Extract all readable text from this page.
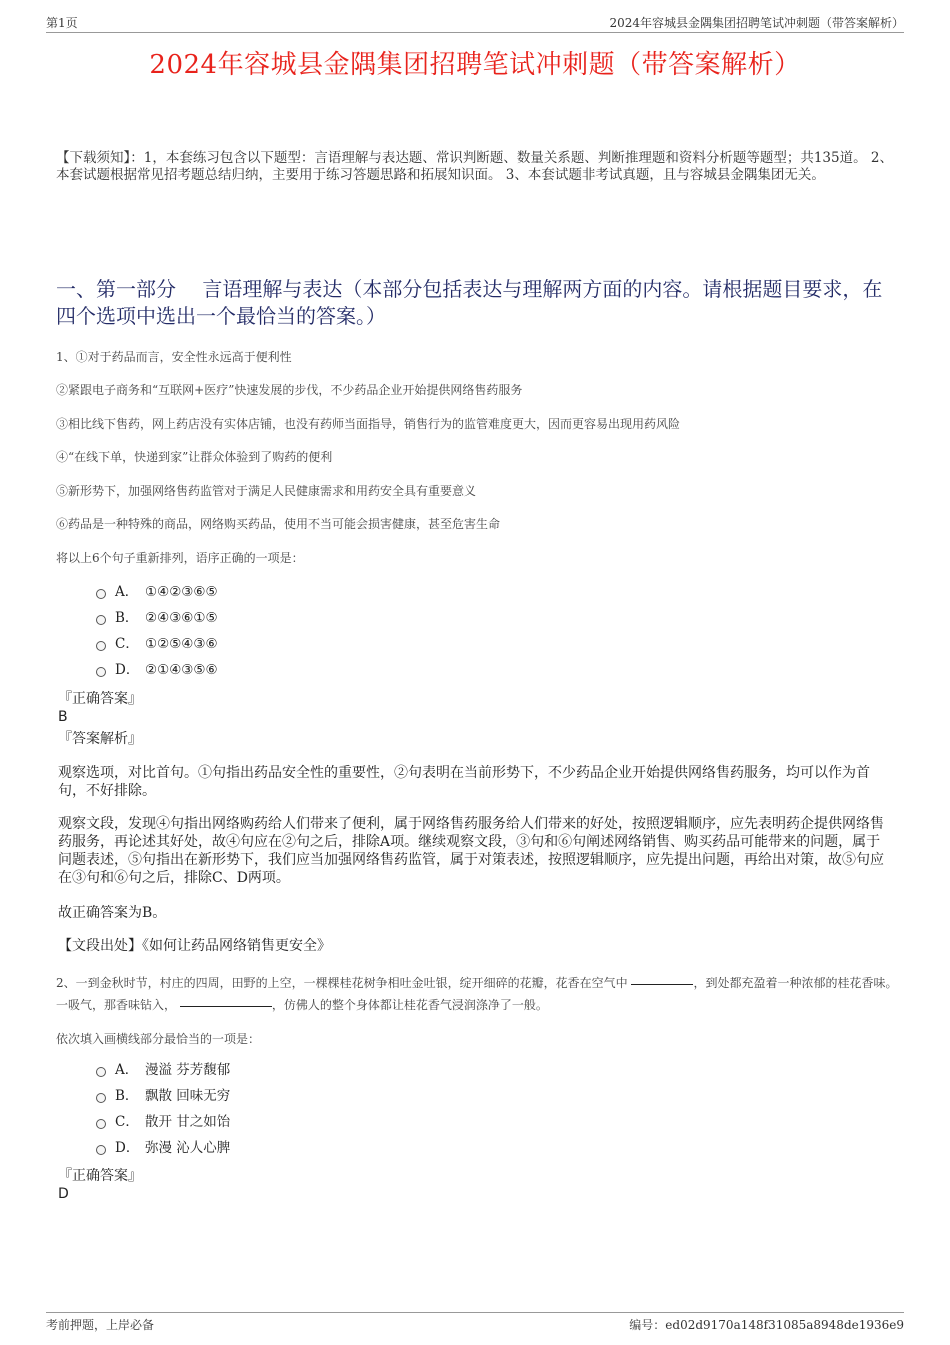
第1页	2024年容城县金隅集团招聘笔试冲刺题（带答案解析）
2024年容城县金隅集团招聘笔试冲刺题（带答案解析）
【下载须知】：1，本套练习包含以下题型：言语理解与表达题、常识判断题、数量关系题、判断推理题和资料分析题等题型；共135道。 2、本套试题根据常见招考题总结归纳，主要用于练习答题思路和拓展知识面。 3、本套试题非考试真题，且与容城县金隅集团无关。
一、第一部分　 言语理解与表达（本部分包括表达与理解两方面的内容。请根据题目要求，在四个选项中选出一个最恰当的答案。）
1、①对于药品而言，安全性永远高于便利性
②紧跟电子商务和“互联网+医疗”快速发展的步伐，不少药品企业开始提供网络售药服务
③相比线下售药，网上药店没有实体店铺，也没有药师当面指导，销售行为的监管难度更大，因而更容易出现用药风险
④“在线下单，快递到家”让群众体验到了购药的便利
⑤新形势下，加强网络售药监管对于满足人民健康需求和用药安全具有重要意义
⑥药品是一种特殊的商品，网络购买药品，使用不当可能会损害健康，甚至危害生命
将以上6个句子重新排列，语序正确的一项是：
A． ①④②③⑥⑤
B． ②④③⑥①⑤
C． ①②⑤④③⑥
D． ②①④③⑤⑥
『正确答案』
B
『答案解析』
观察选项，对比首句。①句指出药品安全性的重要性，②句表明在当前形势下，不少药品企业开始提供网络售药服务，均可以作为首句，不好排除。
观察文段，发现④句指出网络购药给人们带来了便利，属于网络售药服务给人们带来的好处，按照逻辑顺序，应先表明药企提供网络售药服务，再论述其好处，故④句应在②句之后，排除A项。继续观察文段，③句和⑥句阐述网络销售、购买药品可能带来的问题，属于问题表述，⑤句指出在新形势下，我们应当加强网络售药监管，属于对策表述，按照逻辑顺序，应先提出问题，再给出对策，故⑤句应在③句和⑥句之后，排除C、D两项。
故正确答案为B。
【文段出处】《如何让药品网络销售更安全》
2、一到金秋时节，村庄的四周，田野的上空，一棵棵桂花树争相吐金吐银，绽开细碎的花瓣，花香在空气中	，到处都充盈着一种浓郁的桂花香味。一吸气，那香味钻入，	，仿佛人的整个身体都让桂花香气浸润涤净了一般。
依次填入画横线部分最恰当的一项是：
A． 漫溢 芬芳馥郁
B． 飘散 回味无穷
C． 散开 甘之如饴
D． 弥漫 沁人心脾
『正确答案』
D
考前押题，上岸必备	编号：ed02d9170a148f31085a8948de1936e9
